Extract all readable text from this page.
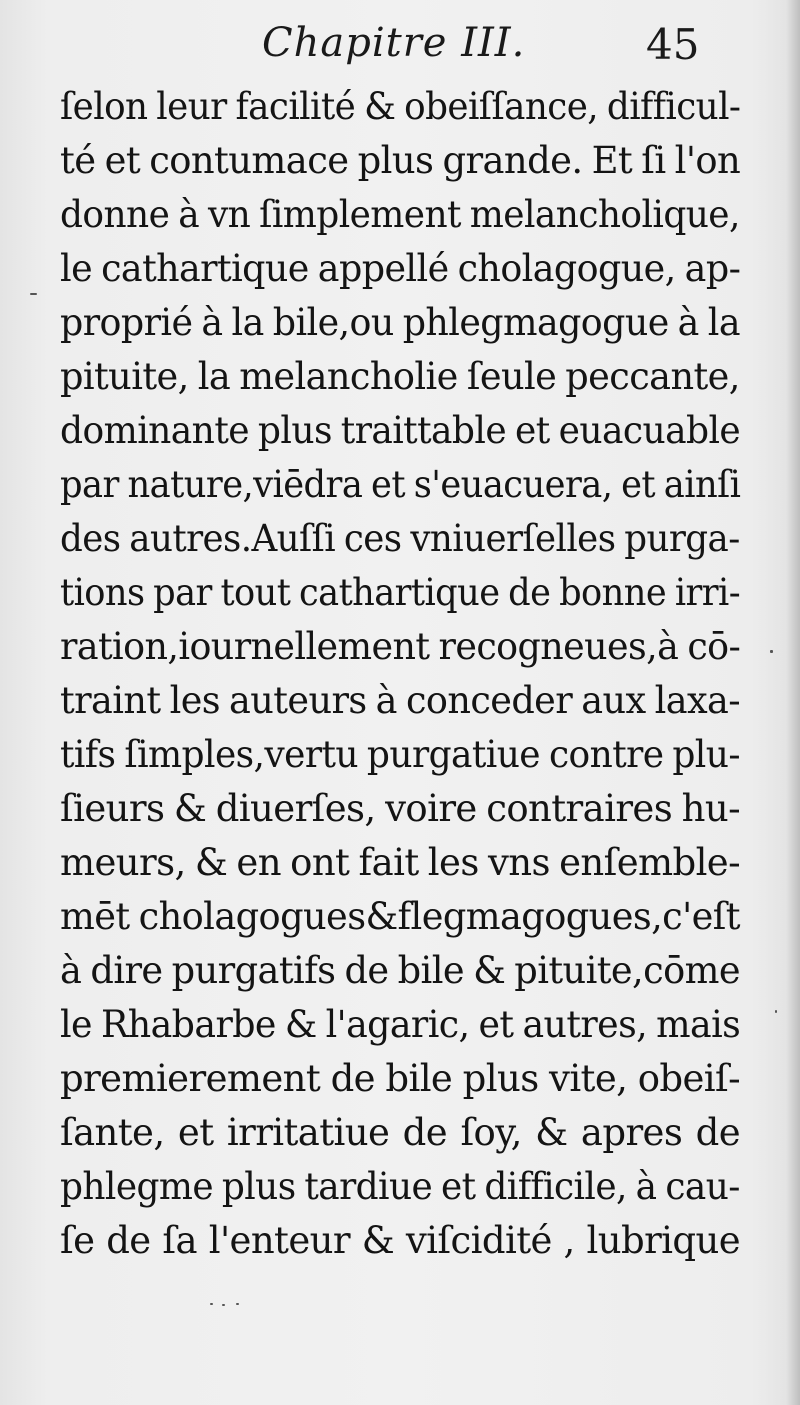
Chapitre III.	45
ſelon leur facilité & obeiſſance, difficul-
té et contumace plus grande. Et ſi l'on
donne à vn ſimplement melancholique,
le cathartique appellé cholagogue, ap-
proprié à la bile,ou phlegmagogue à la
pituite, la melancholie ſeule peccante,
dominante plus traittable et euacuable
par nature,viēdra et s'euacuera, et ainſi
des autres.Auſſi ces vniuerſelles purga-
tions par tout cathartique de bonne irri-
ration,iournellement recogneues,à cō-
traint les auteurs à conceder aux laxa-
tifs ſimples,vertu purgatiue contre plu-
ſieurs & diuerſes, voire contraires hu-
meurs, & en ont fait les vns enſemble-
mēt cholagogues&flegmagogues,c'eſt
à dire purgatifs de bile & pituite,cōme
le Rhabarbe & l'agaric, et autres, mais
premierement de bile plus vite, obeiſ-
ſante, et irritatiue de ſoy, & apres de
phlegme plus tardiue et difficile, à cau-
ſe de ſa l'enteur & viſcidité , lubrique
